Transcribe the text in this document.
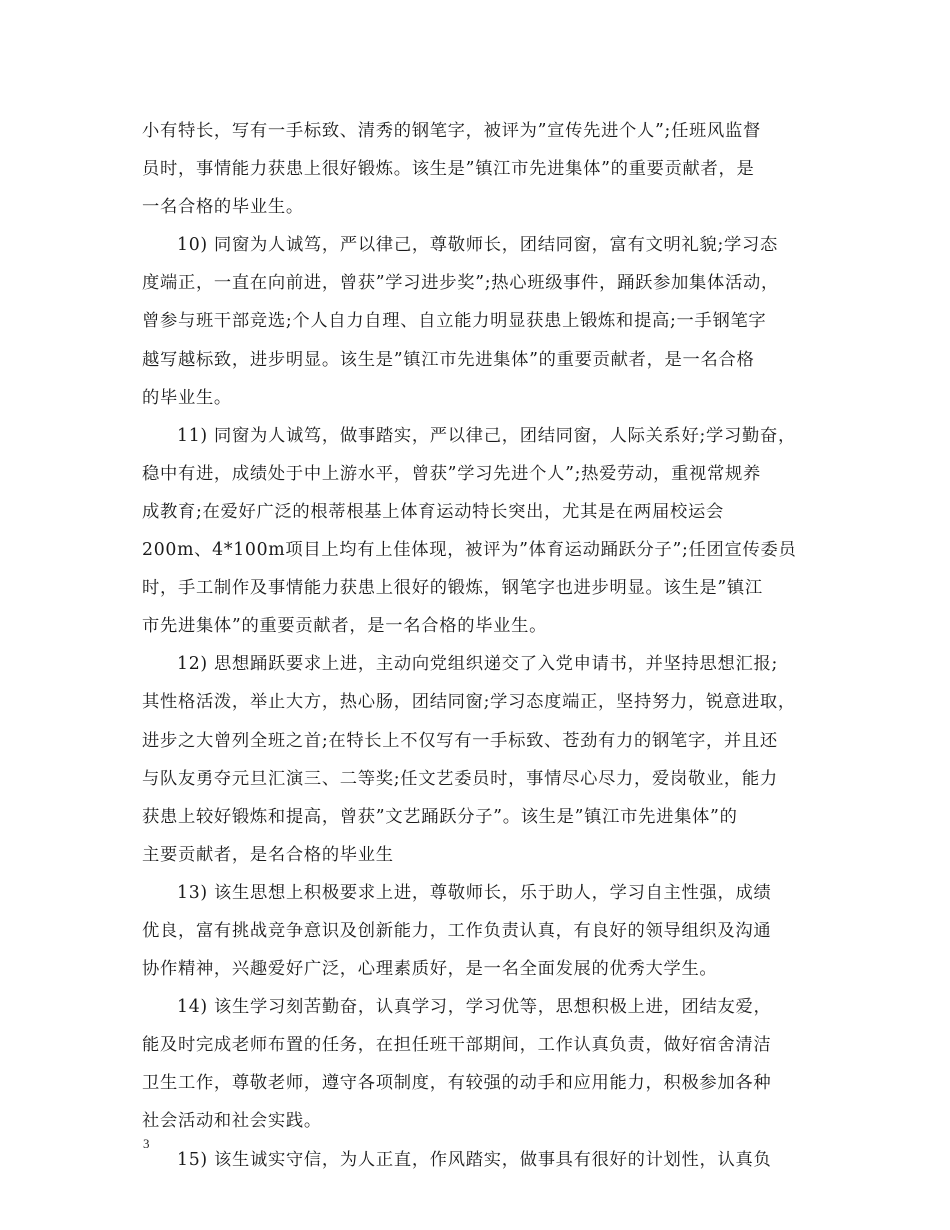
小有特长，写有一手标致、清秀的钢笔字，被评为”宣传先进个人”;任班风监督
员时，事情能力获患上很好锻炼。该生是”镇江市先进集体”的重要贡献者，是
一名合格的毕业生。
10) 同窗为人诚笃，严以律己，尊敬师长，团结同窗，富有文明礼貌;学习态
度端正，一直在向前进，曾获”学习进步奖”;热心班级事件，踊跃参加集体活动，
曾参与班干部竞选;个人自力自理、自立能力明显获患上锻炼和提高;一手钢笔字
越写越标致，进步明显。该生是”镇江市先进集体”的重要贡献者，是一名合格
的毕业生。
11) 同窗为人诚笃，做事踏实，严以律己，团结同窗，人际关系好;学习勤奋，
稳中有进，成绩处于中上游水平，曾获”学习先进个人”;热爱劳动，重视常规养
成教育;在爱好广泛的根蒂根基上体育运动特长突出，尤其是在两届校运会
200m、4*100m项目上均有上佳体现，被评为”体育运动踊跃分子”;任团宣传委员
时，手工制作及事情能力获患上很好的锻炼，钢笔字也进步明显。该生是”镇江
市先进集体”的重要贡献者，是一名合格的毕业生。
12) 思想踊跃要求上进，主动向党组织递交了入党申请书，并坚持思想汇报;
其性格活泼，举止大方，热心肠，团结同窗;学习态度端正，坚持努力，锐意进取，
进步之大曾列全班之首;在特长上不仅写有一手标致、苍劲有力的钢笔字，并且还
与队友勇夺元旦汇演三、二等奖;任文艺委员时，事情尽心尽力，爱岗敬业，能力
获患上较好锻炼和提高，曾获”文艺踊跃分子”。该生是”镇江市先进集体”的
主要贡献者，是名合格的毕业生
13) 该生思想上积极要求上进，尊敬师长，乐于助人，学习自主性强，成绩
优良，富有挑战竞争意识及创新能力，工作负责认真，有良好的领导组织及沟通
协作精神，兴趣爱好广泛，心理素质好，是一名全面发展的优秀大学生。
14) 该生学习刻苦勤奋，认真学习，学习优等，思想积极上进，团结友爱，
能及时完成老师布置的任务，在担任班干部期间，工作认真负责，做好宿舍清洁
卫生工作，尊敬老师，遵守各项制度，有较强的动手和应用能力，积极参加各种
社会活动和社会实践。
15) 该生诚实守信，为人正直，作风踏实，做事具有很好的计划性，认真负
3
